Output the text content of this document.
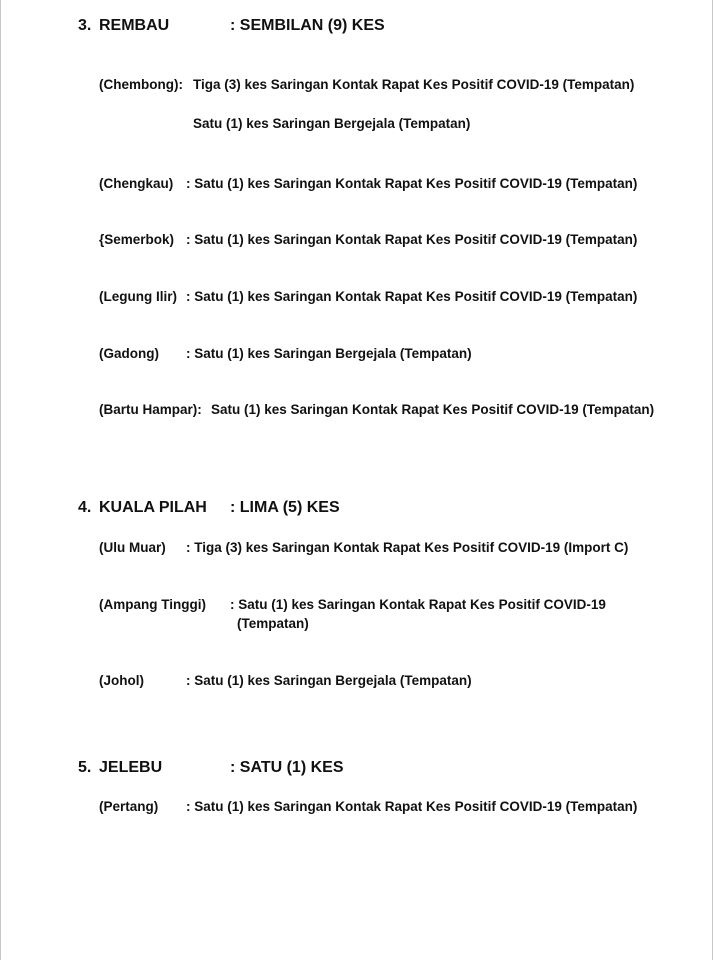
3. REMBAU	: SEMBILAN (9) KES
(Chembong): Tiga (3) kes Saringan Kontak Rapat Kes Positif COVID-19 (Tempatan)
Satu (1) kes Saringan Bergejala (Tempatan)
(Chengkau) : Satu (1) kes Saringan Kontak Rapat Kes Positif COVID-19 (Tempatan)
{Semerbok) : Satu (1) kes Saringan Kontak Rapat Kes Positif COVID-19 (Tempatan)
(Legung Ilir) : Satu (1) kes Saringan Kontak Rapat Kes Positif COVID-19 (Tempatan)
(Gadong) : Satu (1) kes Saringan Bergejala (Tempatan)
(Bartu Hampar): Satu (1) kes Saringan Kontak Rapat Kes Positif COVID-19 (Tempatan)
4. KUALA PILAH : LIMA (5) KES
(Ulu Muar) : Tiga (3) kes Saringan Kontak Rapat Kes Positif COVID-19 (Import C)
(Ampang Tinggi) : Satu (1) kes Saringan Kontak Rapat Kes Positif COVID-19
(Tempatan)
(Johol)	: Satu (1) kes Saringan Bergejala (Tempatan)
5. JELEBU	: SATU (1) KES
(Pertang) : Satu (1) kes Saringan Kontak Rapat Kes Positif COVID-19 (Tempatan)
